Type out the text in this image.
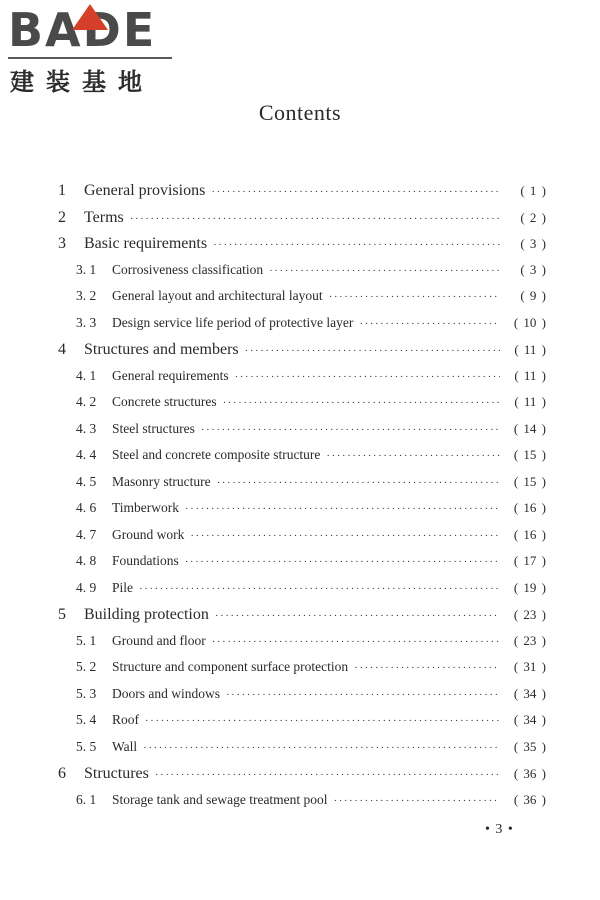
BADE
建装基地
Contents
1	General provisions ·····	( 1 )
2	Terms ·····	( 2 )
3	Basic requirements ·····	( 3 )
3. 1	Corrosiveness classification ·····	( 3 )
3. 2	General layout and architectural layout ·····	( 9 )
3. 3	Design service life period of protective layer ·····	( 10 )
4	Structures and members ·····	( 11 )
4. 1	General requirements ·····	( 11 )
4. 2	Concrete structures ·····	( 11 )
4. 3	Steel structures ·····	( 14 )
4. 4	Steel and concrete composite structure ·····	( 15 )
4. 5	Masonry structure ·····	( 15 )
4. 6	Timberwork ·····	( 16 )
4. 7	Ground work ·····	( 16 )
4. 8	Foundations ·····	( 17 )
4. 9	Pile ·····	( 19 )
5	Building protection ·····	( 23 )
5. 1	Ground and floor ·····	( 23 )
5. 2	Structure and component surface protection ·····	( 31 )
5. 3	Doors and windows ·····	( 34 )
5. 4	Roof ·····	( 34 )
5. 5	Wall ·····	( 35 )
6	Structures ·····	( 36 )
6. 1	Storage tank and sewage treatment pool ·····	( 36 )
• 3 •
